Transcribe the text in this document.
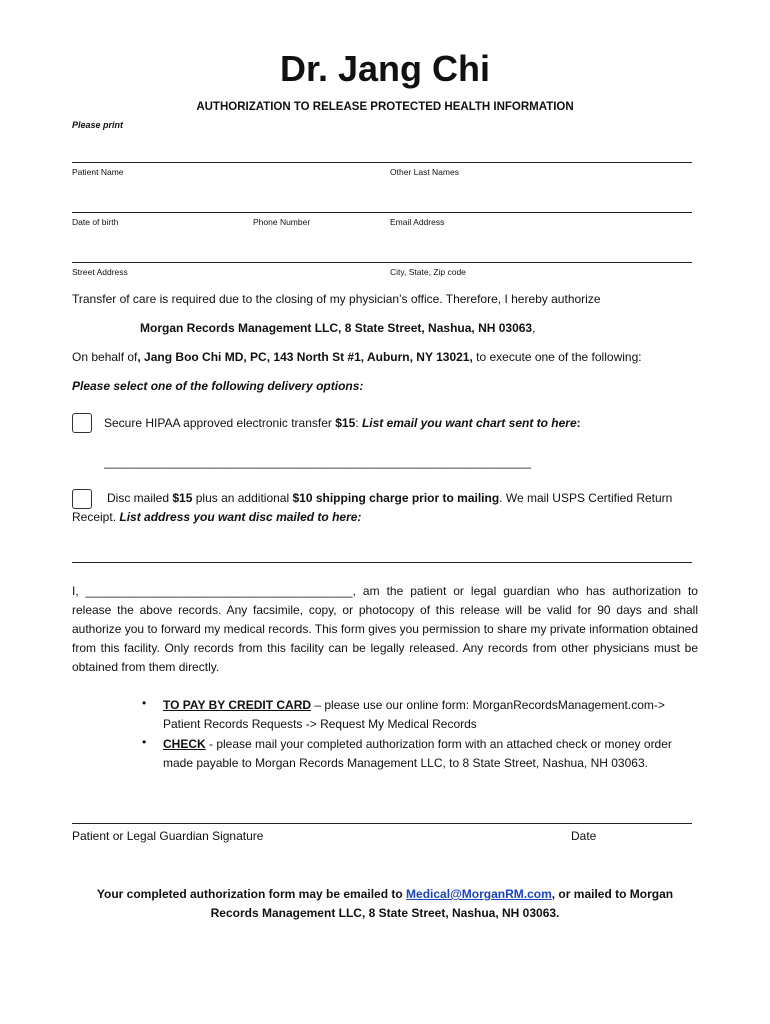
Dr. Jang Chi
AUTHORIZATION TO RELEASE PROTECTED HEALTH INFORMATION
Please print
Patient Name	Other Last Names
Date of birth	Phone Number	Email Address
Street Address	City, State, Zip code
Transfer of care is required due to the closing of my physician’s office. Therefore, I hereby authorize
Morgan Records Management LLC, 8 State Street, Nashua, NH 03063,
On behalf of, Jang Boo Chi MD, PC, 143 North St #1, Auburn, NY 13021, to execute one of the following:
Please select one of the following delivery options:
Secure HIPAA approved electronic transfer $15: List email you want chart sent to here:
________________________________________________________________
Disc mailed $15 plus an additional $10 shipping charge prior to mailing. We mail USPS Certified Return
Receipt. List address you want disc mailed to here:
I, ________________________________________, am the patient or legal guardian who has authorization to release the above records. Any facsimile, copy, or photocopy of this release will be valid for 90 days and shall authorize you to forward my medical records. This form gives you permission to share my private information obtained from this facility. Only records from this facility can be legally released. Any records from other physicians must be obtained from them directly.
•	TO PAY BY CREDIT CARD – please use our online form: MorganRecordsManagement.com-> Patient Records Requests -> Request My Medical Records
•	CHECK - please mail your completed authorization form with an attached check or money order made payable to Morgan Records Management LLC, to 8 State Street, Nashua, NH 03063.
Patient or Legal Guardian Signature	Date
Your completed authorization form may be emailed to Medical@MorganRM.com, or mailed to Morgan
Records Management LLC, 8 State Street, Nashua, NH 03063.
